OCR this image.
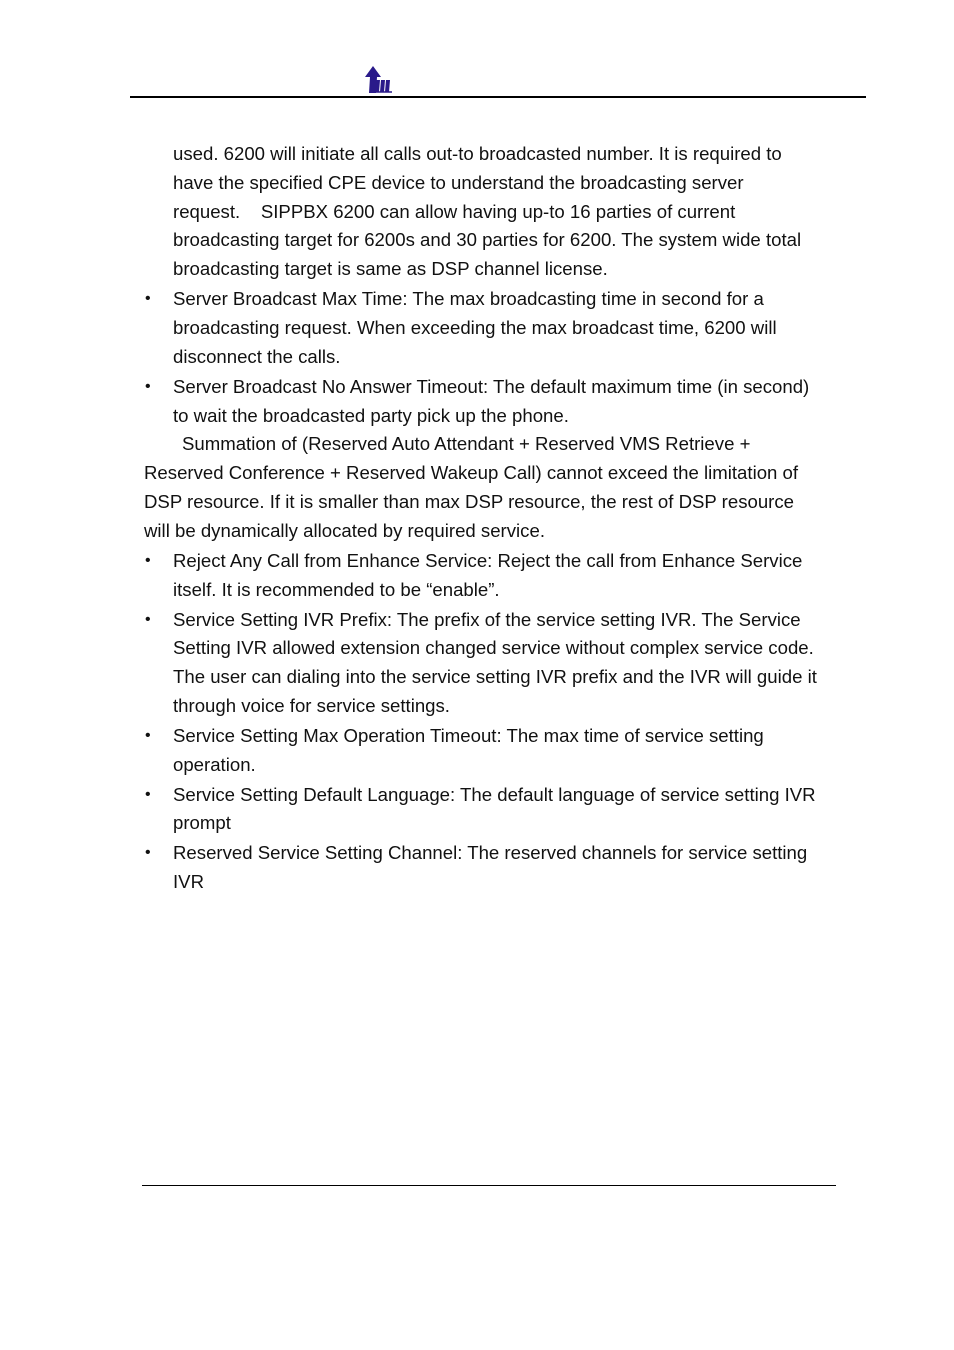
used. 6200 will initiate all calls out-to broadcasted number. It is required to have the specified CPE device to understand the broadcasting server request.    SIPPBX 6200 can allow having up-to 16 parties of current broadcasting target for 6200s and 30 parties for 6200. The system wide total broadcasting target is same as DSP channel license.

• Server Broadcast Max Time: The max broadcasting time in second for a broadcasting request. When exceeding the max broadcast time, 6200 will disconnect the calls.

• Server Broadcast No Answer Timeout: The default maximum time (in second) to wait the broadcasted party pick up the phone.

Summation of (Reserved Auto Attendant + Reserved VMS Retrieve + Reserved Conference + Reserved Wakeup Call) cannot exceed the limitation of DSP resource. If it is smaller than max DSP resource, the rest of DSP resource will be dynamically allocated by required service.

• Reject Any Call from Enhance Service: Reject the call from Enhance Service itself. It is recommended to be “enable”.

• Service Setting IVR Prefix: The prefix of the service setting IVR. The Service Setting IVR allowed extension changed service without complex service code. The user can dialing into the service setting IVR prefix and the IVR will guide it through voice for service settings.

• Service Setting Max Operation Timeout: The max time of service setting operation.

• Service Setting Default Language: The default language of service setting IVR prompt

• Reserved Service Setting Channel: The reserved channels for service setting IVR
